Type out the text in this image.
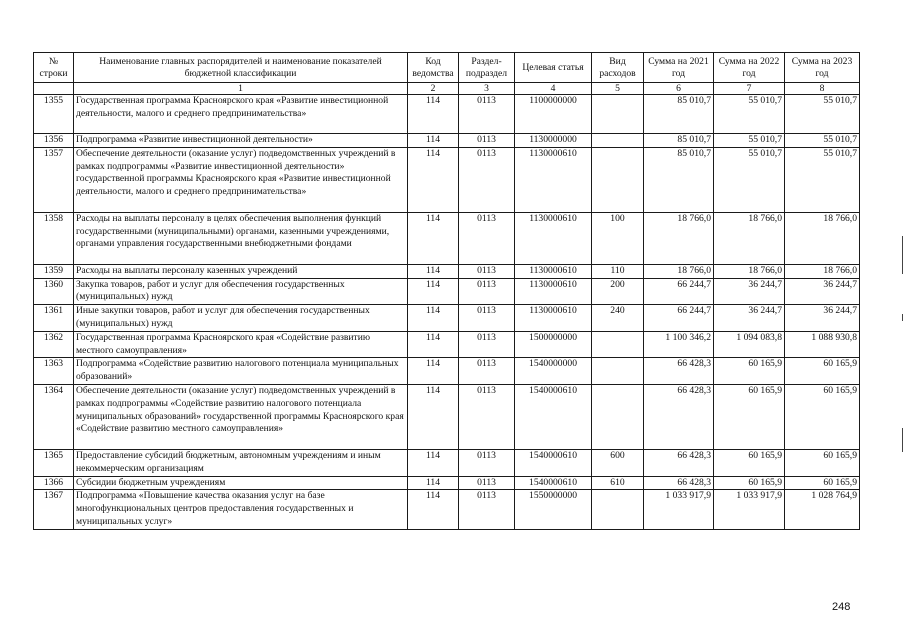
№ строки	Наименование главных распорядителей и наименование показателей бюджетной классификации	Код ведомства	Раздел-подраздел	Целевая статья	Вид расходов	Сумма на 2021 год	Сумма на 2022 год	Сумма на 2023 год
	1	2	3	4	5	6	7	8
1355	Государственная программа Красноярского края «Развитие инвестиционной деятельности, малого и среднего предпринимательства»	114	0113	1100000000		85 010,7	55 010,7	55 010,7
1356	Подпрограмма «Развитие инвестиционной деятельности»	114	0113	1130000000		85 010,7	55 010,7	55 010,7
1357	Обеспечение деятельности (оказание услуг) подведомственных учреждений в рамках подпрограммы «Развитие инвестиционной деятельности» государственной программы Красноярского края «Развитие инвестиционной деятельности, малого и среднего предпринимательства»	114	0113	1130000610		85 010,7	55 010,7	55 010,7
1358	Расходы на выплаты персоналу в целях обеспечения выполнения функций государственными (муниципальными) органами, казенными учреждениями, органами управления государственными внебюджетными фондами	114	0113	1130000610	100	18 766,0	18 766,0	18 766,0
1359	Расходы на выплаты персоналу казенных учреждений	114	0113	1130000610	110	18 766,0	18 766,0	18 766,0
1360	Закупка товаров, работ и услуг для обеспечения государственных (муниципальных) нужд	114	0113	1130000610	200	66 244,7	36 244,7	36 244,7
1361	Иные закупки товаров, работ и услуг для обеспечения государственных (муниципальных) нужд	114	0113	1130000610	240	66 244,7	36 244,7	36 244,7
1362	Государственная программа Красноярского края «Содействие развитию местного самоуправления»	114	0113	1500000000		1 100 346,2	1 094 083,8	1 088 930,8
1363	Подпрограмма «Содействие развитию налогового потенциала муниципальных образований»	114	0113	1540000000		66 428,3	60 165,9	60 165,9
1364	Обеспечение деятельности (оказание услуг) подведомственных учреждений в рамках подпрограммы «Содействие развитию налогового потенциала муниципальных образований» государственной программы Красноярского края «Содействие развитию местного самоуправления»	114	0113	1540000610		66 428,3	60 165,9	60 165,9
1365	Предоставление субсидий бюджетным, автономным учреждениям и иным некоммерческим организациям	114	0113	1540000610	600	66 428,3	60 165,9	60 165,9
1366	Субсидии бюджетным учреждениям	114	0113	1540000610	610	66 428,3	60 165,9	60 165,9
1367	Подпрограмма «Повышение качества оказания услуг на базе многофункциональных центров предоставления государственных и муниципальных услуг»	114	0113	1550000000		1 033 917,9	1 033 917,9	1 028 764,9
248
